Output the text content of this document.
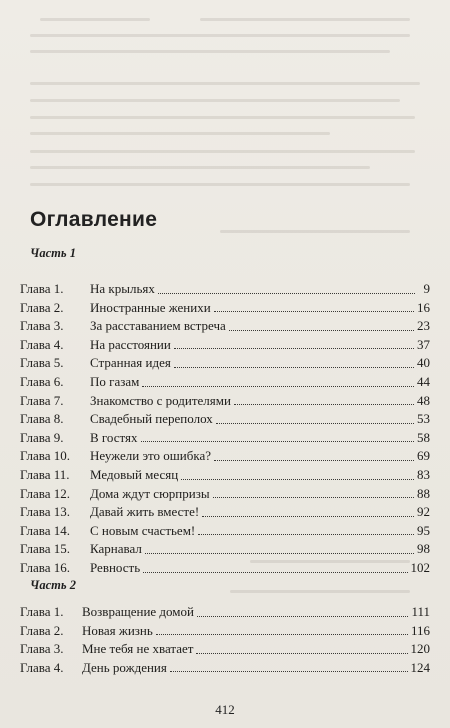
Оглавление
Часть 1
Глава 1.	На крыльях	9
Глава 2.	Иностранные женихи	16
Глава 3.	За расставанием встреча	23
Глава 4.	На расстоянии	37
Глава 5.	Странная идея	40
Глава 6.	По газам	44
Глава 7.	Знакомство с родителями	48
Глава 8.	Свадебный переполох	53
Глава 9.	В гостях	58
Глава 10.	Неужели это ошибка?	69
Глава 11.	Медовый месяц	83
Глава 12.	Дома ждут сюрпризы	88
Глава 13.	Давай жить вместе!	92
Глава 14.	С новым счастьем!	95
Глава 15.	Карнавал	98
Глава 16.	Ревность	102
Часть 2
Глава 1.	Возвращение домой	111
Глава 2.	Новая жизнь	116
Глава 3.	Мне тебя не хватает	120
Глава 4.	День рождения	124
412
